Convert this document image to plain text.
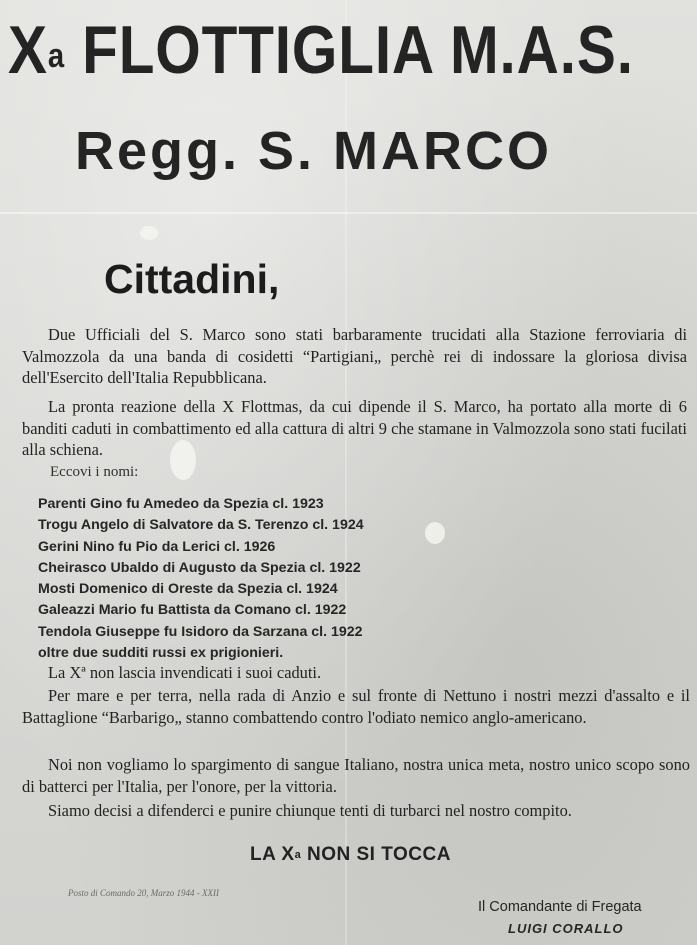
$X^a$ FLOTTIGLIA M.A.S.
Regg. S. MARCO
Cittadini,

Due Ufficiali del S. Marco sono stati barbaramente trucidati alla Stazione ferroviaria di Valmozzola da una banda di cosidetti “Partigiani„ perchè rei di indossare la gloriosa divisa dell'Esercito dell'Italia Repubblicana.

La pronta reazione della X Flottmas, da cui dipende il S. Marco, ha portato alla morte di 6 banditi caduti in combattimento ed alla cattura di altri 9 che stamane in Valmozzola sono stati fucilati alla schiena.

Eccovi i nomi:
Parenti Gino fu Amedeo da Spezia cl. 1923
Trogu Angelo di Salvatore da S. Terenzo cl. 1924
Gerini Nino fu Pio da Lerici cl. 1926
Cheirasco Ubaldo di Augusto da Spezia cl. 1922
Mosti Domenico di Oreste da Spezia cl. 1924
Galeazzi Mario fu Battista da Comano cl. 1922
Tendola Giuseppe fu Isidoro da Sarzana cl. 1922
oltre due sudditi russi ex prigionieri.

La Xª non lascia invendicati i suoi caduti.

Per mare e per terra, nella rada di Anzio e sul fronte di Nettuno i nostri mezzi d'assalto e il Battaglione “Barbarigo„ stanno combattendo contro l'odiato nemico anglo-americano.

Noi non vogliamo lo spargimento di sangue Italiano, nostra unica meta, nostro unico scopo sono di batterci per l'Italia, per l'onore, per la vittoria.

Siamo decisi a difenderci e punire chiunque tenti di turbarci nel nostro compito.

LA $X^a$ NON SI TOCCA
Posto di Comando 20, Marzo 1944 - XXII
Il Comandante di Fregata
LUIGI CORALLO
